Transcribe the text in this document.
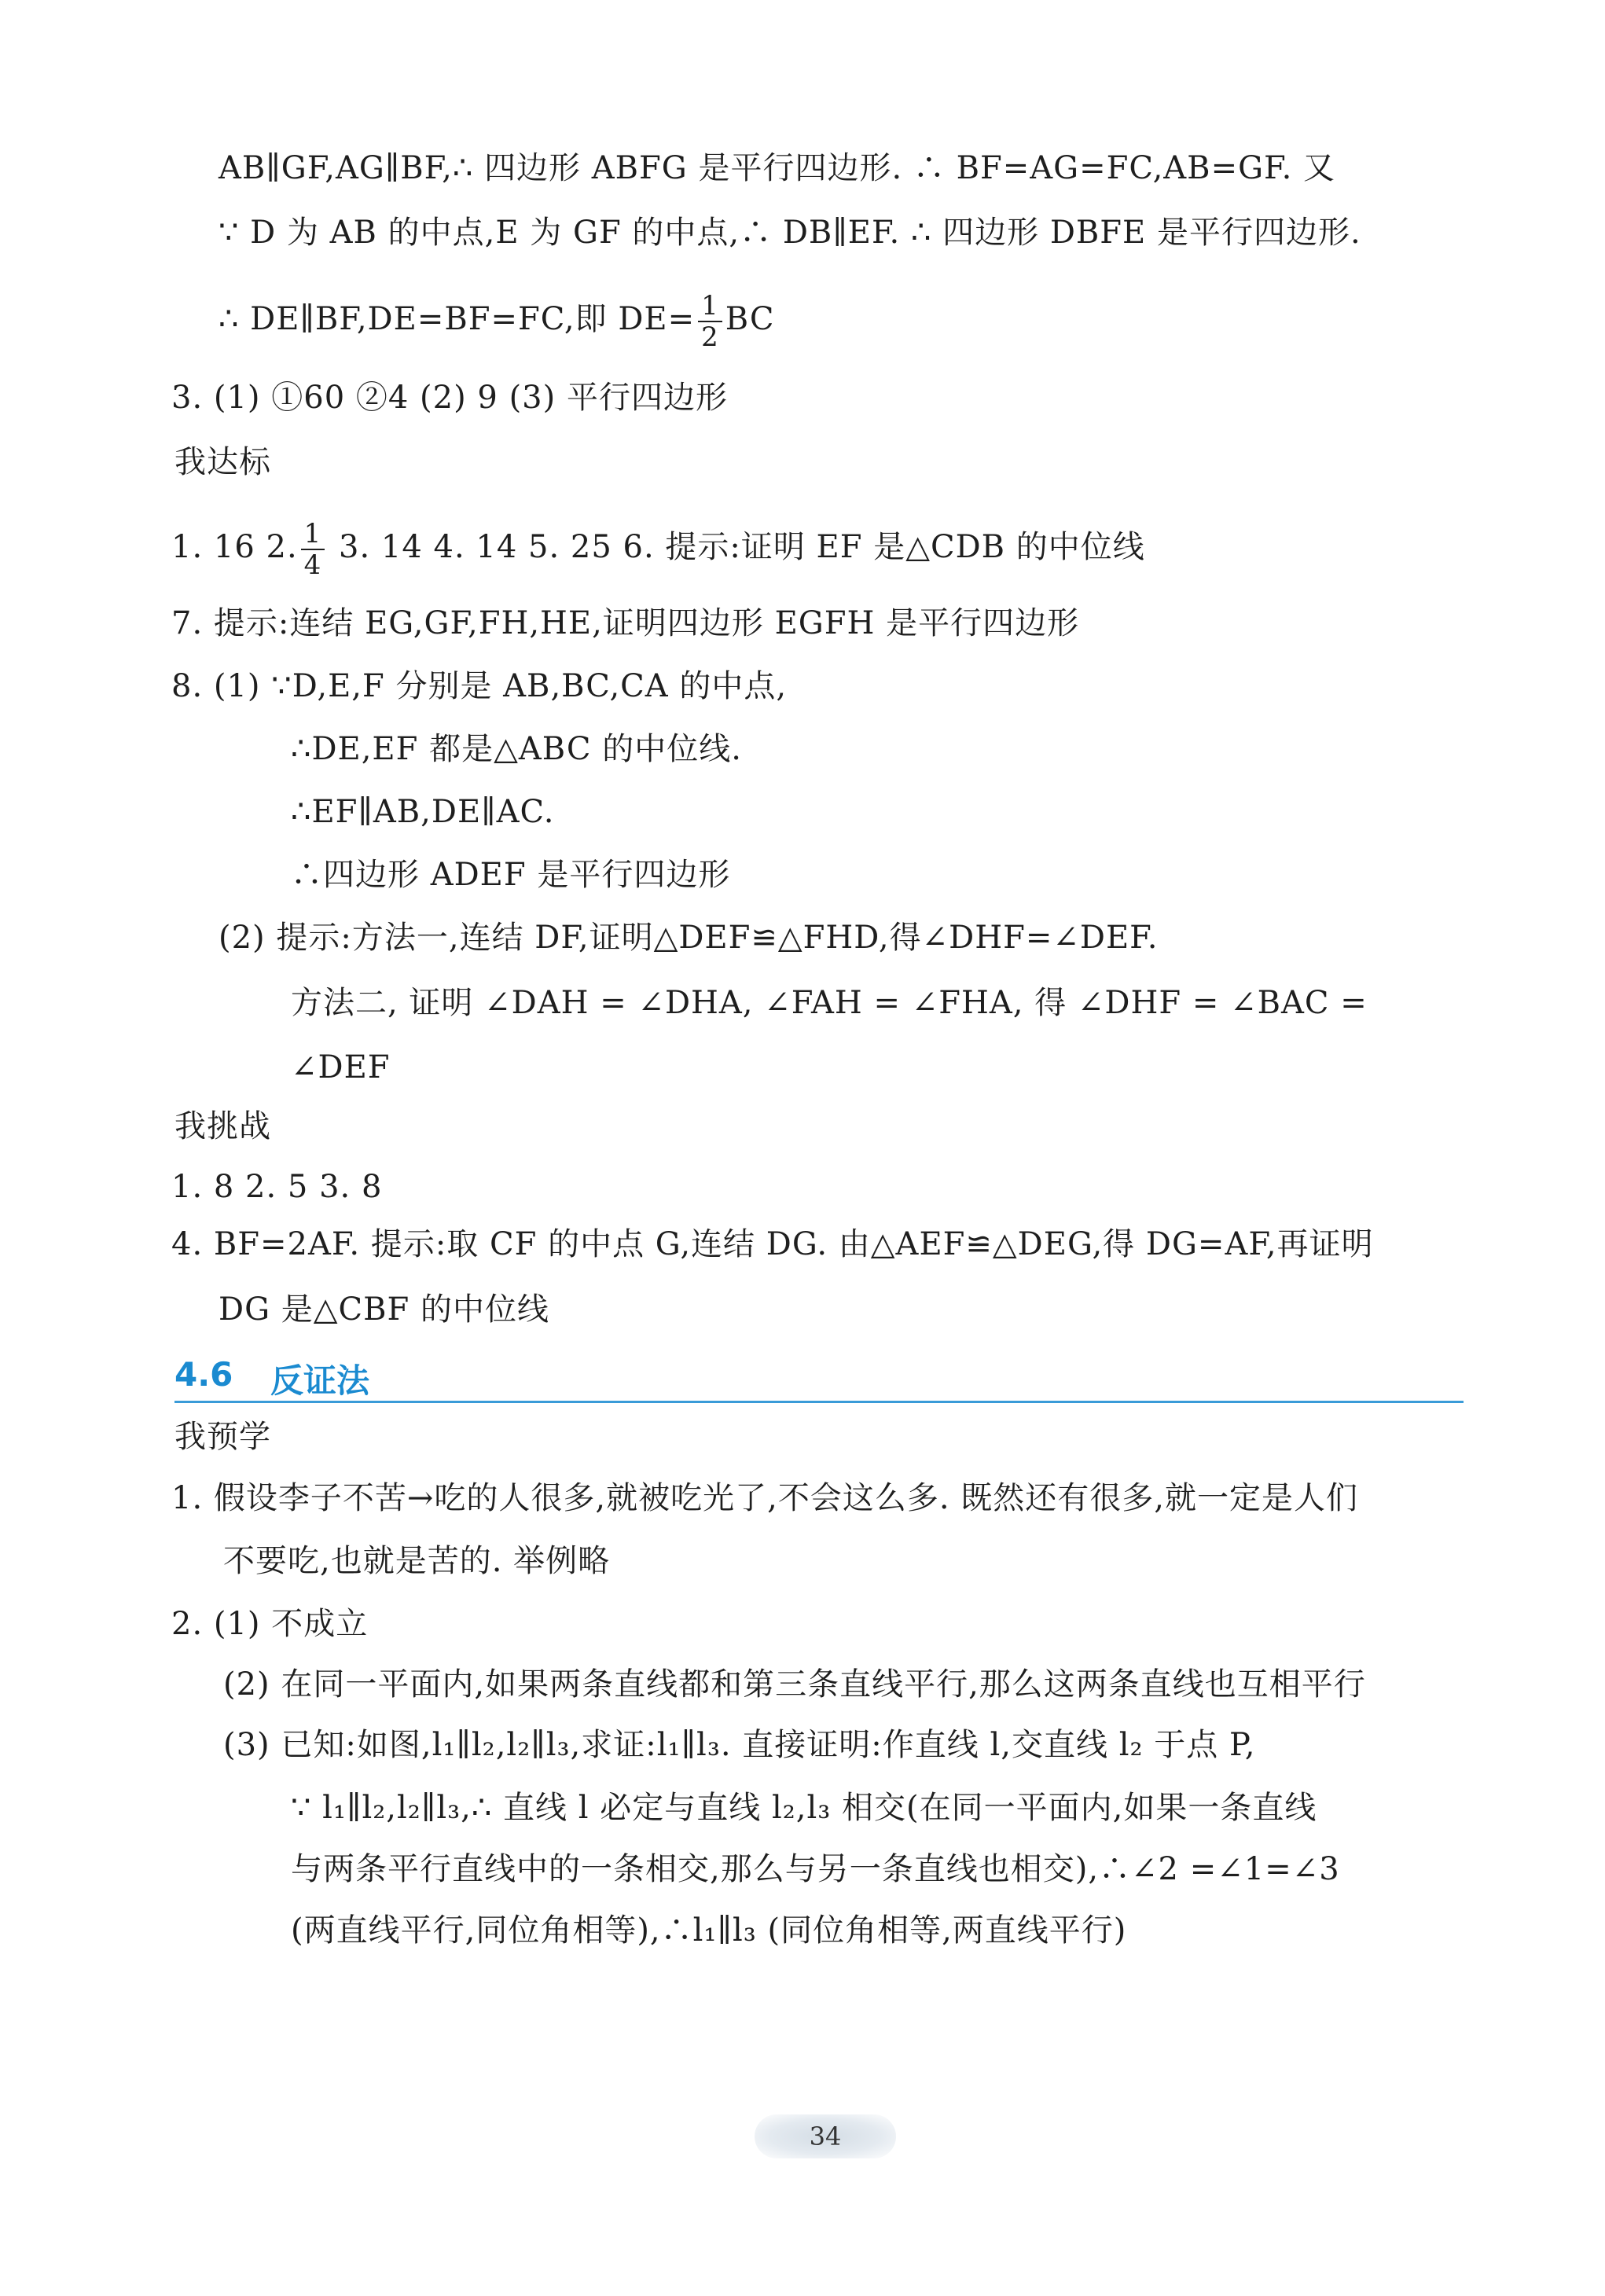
AB∥GF,AG∥BF,∴ 四边形 ABFG 是平行四边形. ∴ BF=AG=FC,AB=GF. 又
∵ D 为 AB 的中点,E 为 GF 的中点,∴ DB∥EF. ∴ 四边形 DBFE 是平行四边形.
∴ DE∥BF,DE=BF=FC,即 $DE= \frac{1}{2}$ BC
3. (1) ①60 ②4 (2) 9 (3) 平行四边形
我达标
1. 16 2. $\frac{1}{4} 3$. 14 4. 14 5. 25 6. 提示:证明 EF 是△CDB 的中位线
7. 提示:连结 EG,GF,FH,HE,证明四边形 EGFH 是平行四边形
8. (1) ∵D,E,F 分别是 AB,BC,CA 的中点,
∴DE,EF 都是△ABC 的中位线.
∴EF∥AB,DE∥AC.
∴四边形 ADEF 是平行四边形
(2) 提示:方法一,连结 DF,证明△DEF≌△FHD,得∠DHF=∠DEF.
方法二, 证明 ∠DAH = ∠DHA, ∠FAH = ∠FHA, 得 ∠DHF = ∠BAC =
∠DEF
我挑战
1. 8 2. 5 3. 8
4. BF=2AF. 提示:取 CF 的中点 G,连结 DG. 由△AEF≌△DEG,得 DG=AF,再证明
DG 是△CBF 的中位线
4.6 反证法
我预学
1. 假设李子不苦→吃的人很多,就被吃光了,不会这么多. 既然还有很多,就一定是人们
不要吃,也就是苦的. 举例略
2. (1) 不成立
(2) 在同一平面内,如果两条直线都和第三条直线平行,那么这两条直线也互相平行
(3) 已知:如图,l₁∥l₂,l₂∥l₃,求证:l₁∥l₃. 直接证明:作直线 l,交直线 l₂ 于点 P,
∵ l₁∥l₂,l₂∥l₃,∴ 直线 l 必定与直线 l₂,l₃ 相交(在同一平面内,如果一条直线
与两条平行直线中的一条相交,那么与另一条直线也相交),∴∠2 =∠1=∠3
(两直线平行,同位角相等),∴l₁∥l₃ (同位角相等,两直线平行)
34
